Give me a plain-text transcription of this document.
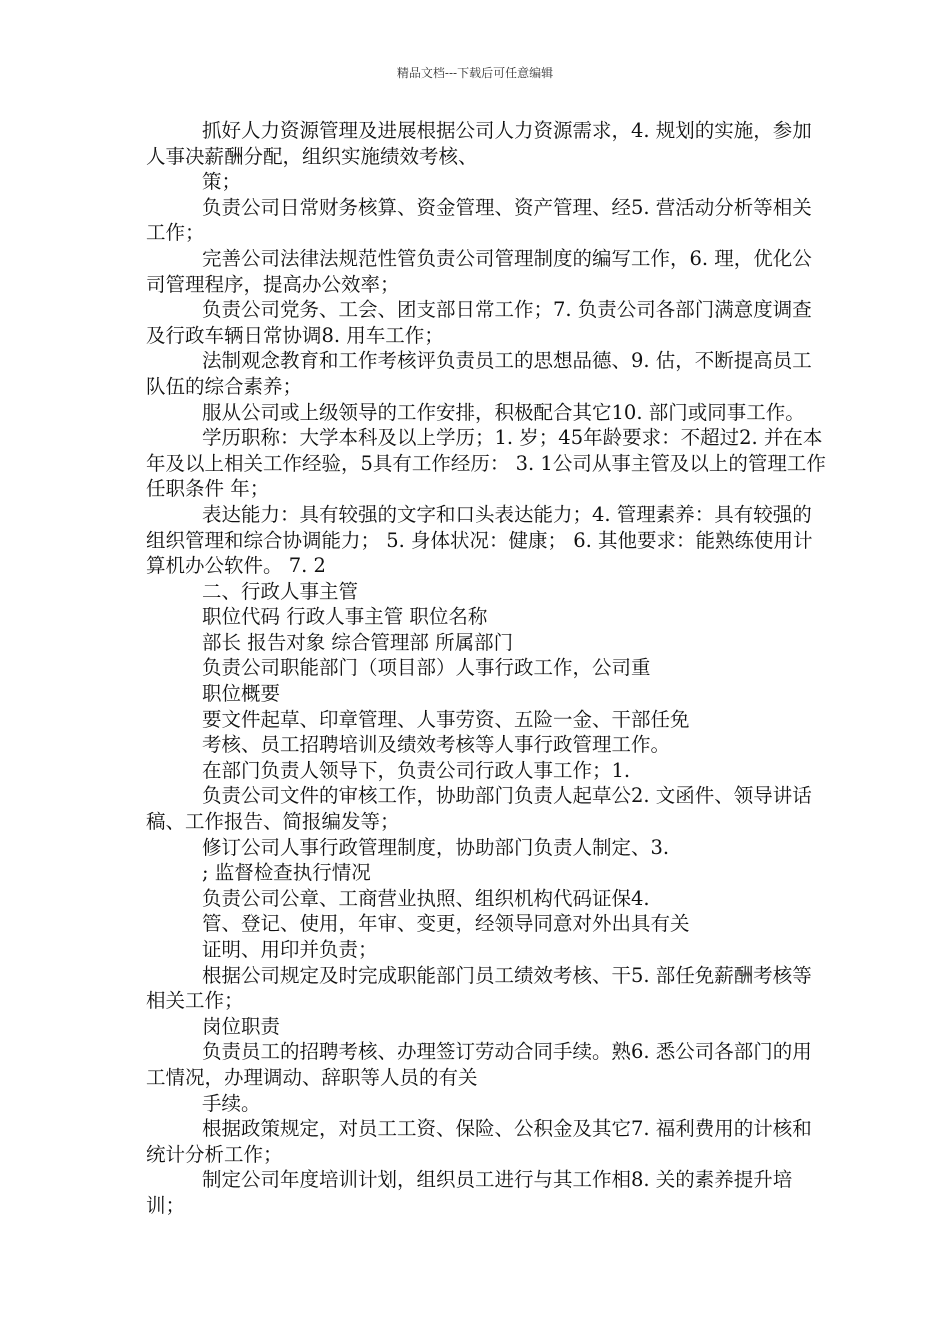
精品文档---下载后可任意编辑

抓好人力资源管理及进展根据公司人力资源需求，4. 规划的实施，参加人事决薪酬分配，组织实施绩效考核、

策；

负责公司日常财务核算、资金管理、资产管理、经5. 营活动分析等相关工作；

完善公司法律法规范性管负责公司管理制度的编写工作，6. 理，优化公司管理程序，提高办公效率；

负责公司党务、工会、团支部日常工作；7. 负责公司各部门满意度调查及行政车辆日常协调8. 用车工作；

法制观念教育和工作考核评负责员工的思想品德、9. 估，不断提高员工队伍的综合素养；

服从公司或上级领导的工作安排，积极配合其它10. 部门或同事工作。

学历职称：大学本科及以上学历；1. 岁；45年龄要求：不超过2. 并在本年及以上相关工作经验，5具有工作经历： 3. 1公司从事主管及以上的管理工作 任职条件 年；

表达能力：具有较强的文字和口头表达能力；4. 管理素养：具有较强的组织管理和综合协调能力； 5. 身体状况：健康； 6. 其他要求：能熟练使用计算机办公软件。 7. 2

二、行政人事主管

职位代码 行政人事主管 职位名称

部长 报告对象 综合管理部 所属部门

负责公司职能部门（项目部）人事行政工作，公司重

职位概要

要文件起草、印章管理、人事劳资、五险一金、干部任免

考核、员工招聘培训及绩效考核等人事行政管理工作。

在部门负责人领导下，负责公司行政人事工作；1.

负责公司文件的审核工作，协助部门负责人起草公2. 文函件、领导讲话稿、工作报告、简报编发等；

修订公司人事行政管理制度，协助部门负责人制定、3.

; 监督检查执行情况

负责公司公章、工商营业执照、组织机构代码证保4.

管、登记、使用，年审、变更，经领导同意对外出具有关

证明、用印并负责；

根据公司规定及时完成职能部门员工绩效考核、干5. 部任免薪酬考核等相关工作；

岗位职责

负责员工的招聘考核、办理签订劳动合同手续。熟6. 悉公司各部门的用工情况，办理调动、辞职等人员的有关

手续。

根据政策规定，对员工工资、保险、公积金及其它7. 福利费用的计核和统计分析工作；

制定公司年度培训计划，组织员工进行与其工作相8. 关的素养提升培训；
